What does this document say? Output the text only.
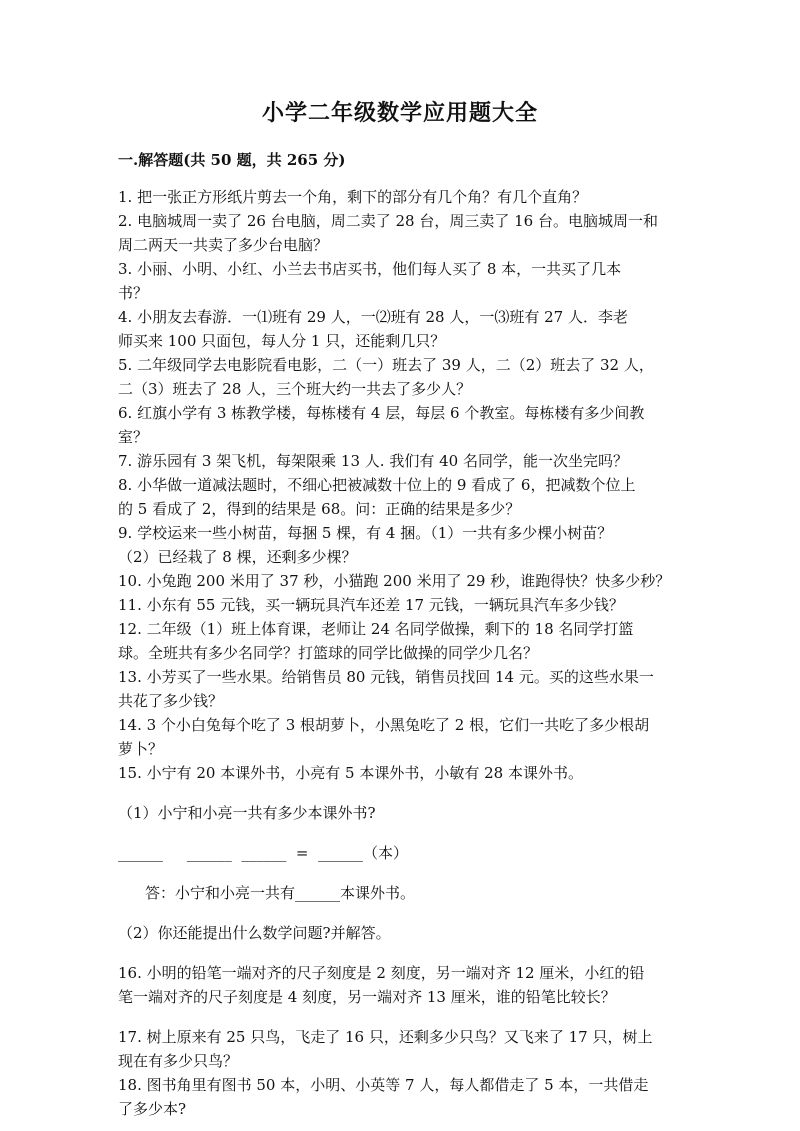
小学二年级数学应用题大全
一.解答题(共 50 题，共 265 分)

1. 把一张正方形纸片剪去一个角，剩下的部分有几个角？有几个直角？

2. 电脑城周一卖了 26 台电脑，周二卖了 28 台，周三卖了 16 台。电脑城周一和

周二两天一共卖了多少台电脑？

3. 小丽、小明、小红、小兰去书店买书，他们每人买了 8 本，一共买了几本

书？

4. 小朋友去春游．一⑴班有 29 人，一⑵班有 28 人，一⑶班有 27 人．李老

师买来 100 只面包，每人分 1 只，还能剩几只？

5. 二年级同学去电影院看电影，二（一）班去了 39 人，二（2）班去了 32 人，

二（3）班去了 28 人，三个班大约一共去了多少人？

6. 红旗小学有 3 栋教学楼，每栋楼有 4 层，每层 6 个教室。每栋楼有多少间教

室？

7. 游乐园有 3 架飞机，每架限乘 13 人. 我们有 40 名同学，能一次坐完吗？

8. 小华做一道减法题时，不细心把被减数十位上的 9 看成了 6，把减数个位上

的 5 看成了 2，得到的结果是 68。问：正确的结果是多少？

9. 学校运来一些小树苗，每捆 5 棵，有 4 捆。（1）一共有多少棵小树苗？

（2）已经栽了 8 棵，还剩多少棵？

10. 小兔跑 200 米用了 37 秒，小猫跑 200 米用了 29 秒，谁跑得快？快多少秒？

11. 小东有 55 元钱，买一辆玩具汽车还差 17 元钱，一辆玩具汽车多少钱？

12. 二年级（1）班上体育课，老师让 24 名同学做操，剩下的 18 名同学打篮

球。全班共有多少名同学？打篮球的同学比做操的同学少几名？

13. 小芳买了一些水果。给销售员 80 元钱，销售员找回 14 元。买的这些水果一

共花了多少钱？

14. 3 个小白兔每个吃了 3 根胡萝卜，小黑兔吃了 2 根，它们一共吃了多少根胡

萝卜？

15. 小宁有 20 本课外书，小亮有 5 本课外书，小敏有 28 本课外书。

（1）小宁和小亮一共有多少本课外书?

______     ______  ______  =  ______（本）

答：小宁和小亮一共有______本课外书。

（2）你还能提出什么数学问题?并解答。

16. 小明的铅笔一端对齐的尺子刻度是 2 刻度，另一端对齐 12 厘米，小红的铅

笔一端对齐的尺子刻度是 4 刻度，另一端对齐 13 厘米，谁的铅笔比较长？

17. 树上原来有 25 只鸟，飞走了 16 只，还剩多少只鸟？又飞来了 17 只，树上

现在有多少只鸟？

18. 图书角里有图书 50 本，小明、小英等 7 人，每人都借走了 5 本，一共借走

了多少本?
